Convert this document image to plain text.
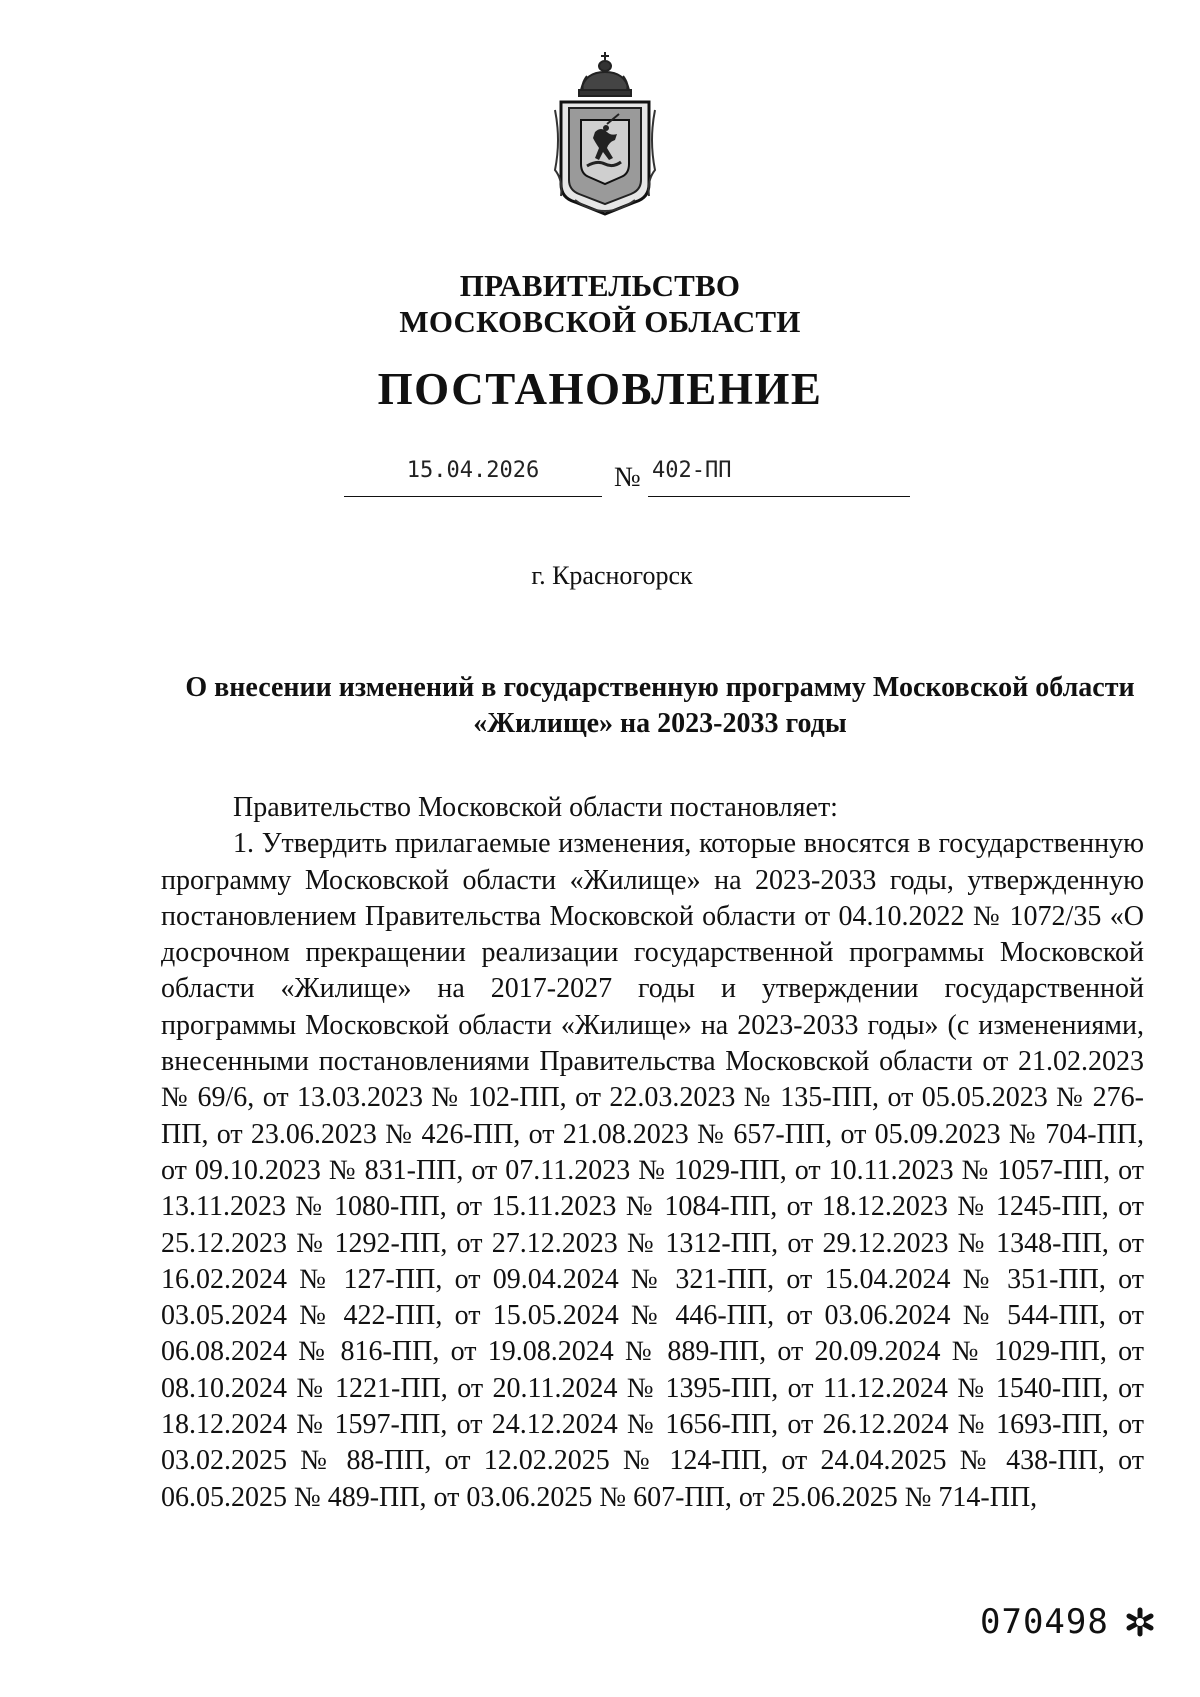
ПРАВИТЕЛЬСТВО
МОСКОВСКОЙ ОБЛАСТИ
ПОСТАНОВЛЕНИЕ
15.04.2026	№ 402-ПП
г. Красногорск
О внесении изменений в государственную программу Московской области
«Жилище» на 2023-2033 годы

Правительство Московской области постановляет:

1. Утвердить прилагаемые изменения, которые вносятся в государственную программу Московской области «Жилище» на 2023-2033 годы, утвержденную постановлением Правительства Московской области от 04.10.2022 № 1072/35 «О досрочном прекращении реализации государственной программы Московской области «Жилище» на 2017-2027 годы и утверждении государственной программы Московской области «Жилище» на 2023-2033 годы» (с изменениями, внесенными постановлениями Правительства Московской области от 21.02.2023 № 69/6, от 13.03.2023 № 102-ПП, от 22.03.2023 № 135-ПП, от 05.05.2023 № 276-ПП, от 23.06.2023 № 426-ПП, от 21.08.2023 № 657-ПП, от 05.09.2023 № 704-ПП, от 09.10.2023 № 831-ПП, от 07.11.2023 № 1029-ПП, от 10.11.2023 № 1057-ПП, от 13.11.2023 № 1080-ПП, от 15.11.2023 № 1084-ПП, от 18.12.2023 № 1245-ПП, от 25.12.2023 № 1292-ПП, от 27.12.2023 № 1312-ПП, от 29.12.2023 № 1348-ПП, от 16.02.2024 № 127-ПП, от 09.04.2024 № 321-ПП, от 15.04.2024 № 351-ПП, от 03.05.2024 № 422-ПП, от 15.05.2024 № 446-ПП, от 03.06.2024 № 544-ПП, от 06.08.2024 № 816-ПП, от 19.08.2024 № 889-ПП, от 20.09.2024 № 1029-ПП, от 08.10.2024 № 1221-ПП, от 20.11.2024 № 1395-ПП, от 11.12.2024 № 1540-ПП, от 18.12.2024 № 1597-ПП, от 24.12.2024 № 1656-ПП, от 26.12.2024 № 1693-ПП, от 03.02.2025 № 88-ПП, от 12.02.2025 № 124-ПП, от 24.04.2025 № 438-ПП, от 06.05.2025 № 489-ПП, от 03.06.2025 № 607-ПП, от 25.06.2025 № 714-ПП,

070498
